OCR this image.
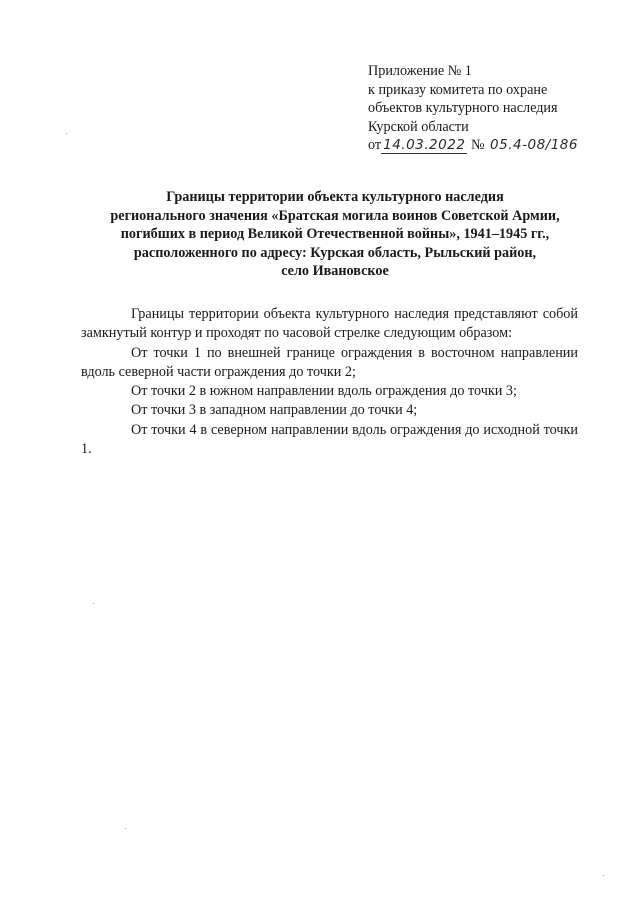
Приложение № 1
к приказу комитета по охране
объектов культурного наследия
Курской области
от 14.03.2022 № 05.4-08/186
Границы территории объекта культурного наследия
регионального значения «Братская могила воинов Советской Армии,
погибших в период Великой Отечественной войны», 1941–1945 гг.,
расположенного по адресу: Курская область, Рыльский район,
село Ивановское

Границы территории объекта культурного наследия представляют собой замкнутый контур и проходят по часовой стрелке следующим образом:

От точки 1 по внешней границе ограждения в восточном направлении вдоль северной части ограждения до точки 2;

От точки 2 в южном направлении вдоль ограждения до точки 3;

От точки 3 в западном направлении до точки 4;

От точки 4 в северном направлении вдоль ограждения до исходной точки 1.
